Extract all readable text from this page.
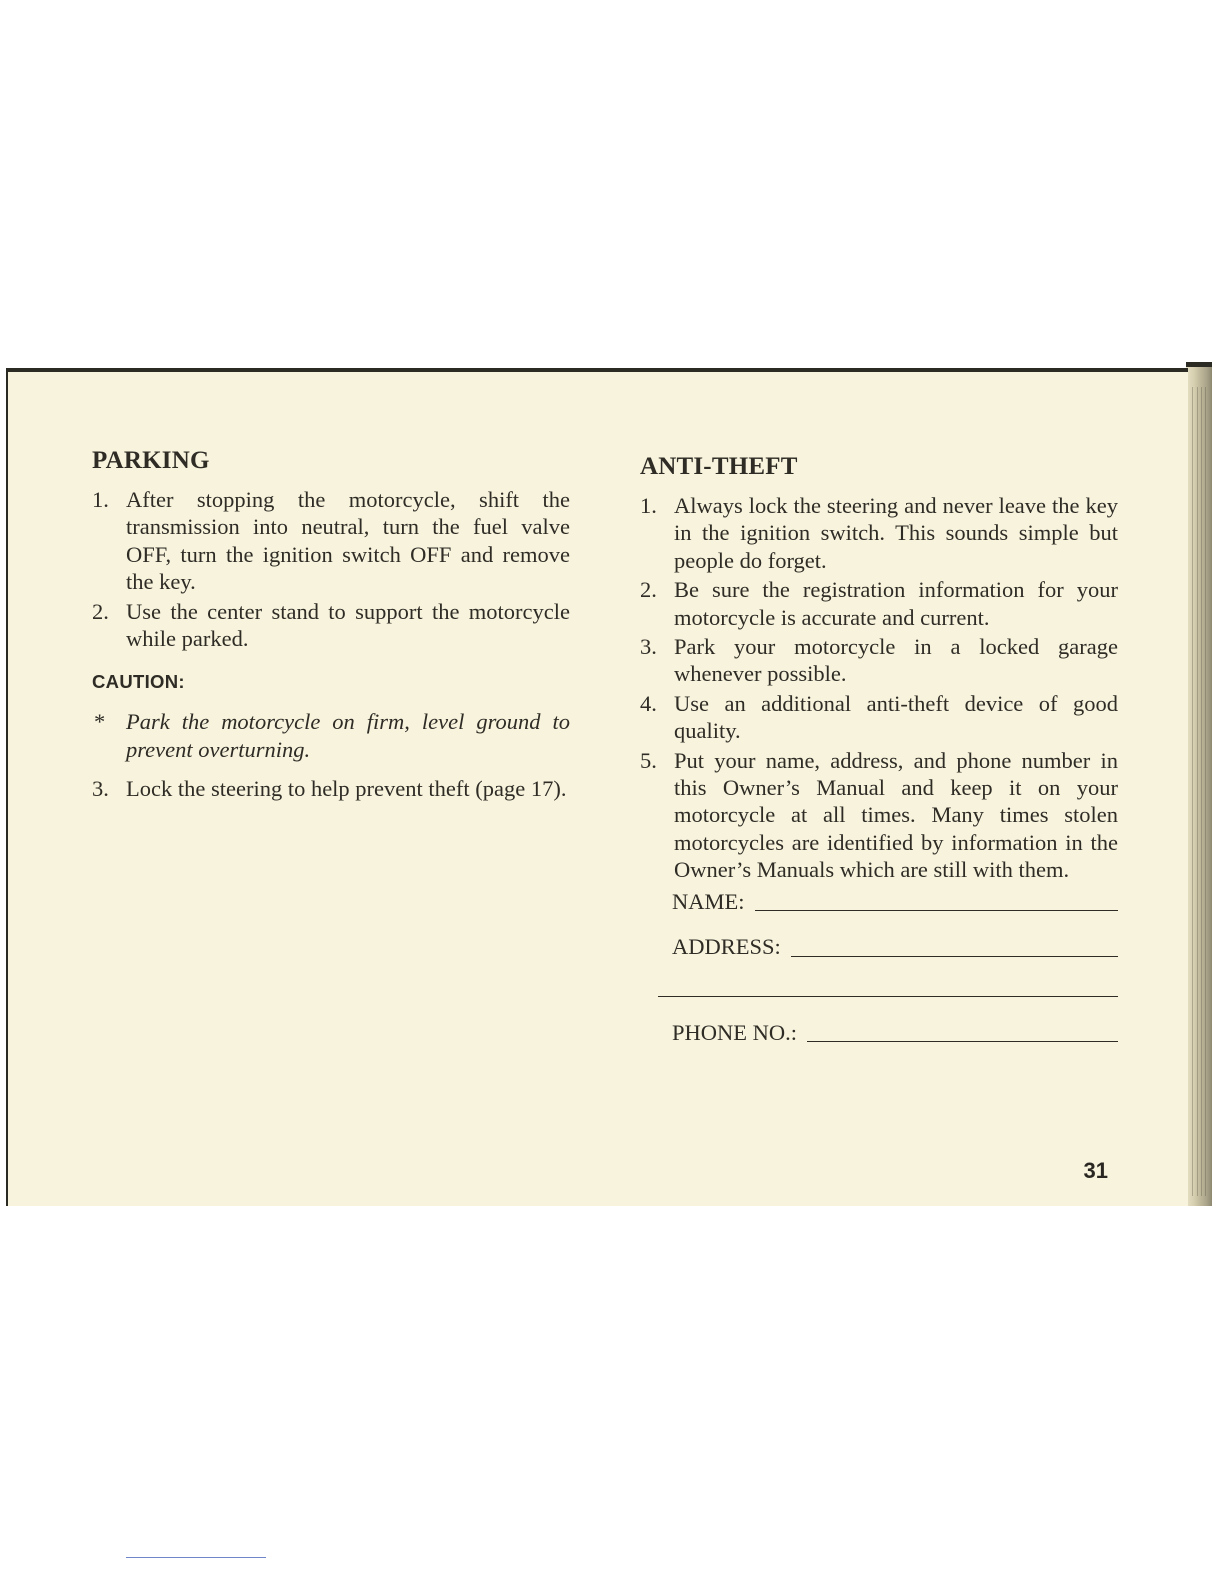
PARKING
1. After stopping the motorcycle, shift the transmission into neutral, turn the fuel valve OFF, turn the ignition switch OFF and remove the key.
2. Use the center stand to support the motorcycle while parked.
CAUTION:
* Park the motorcycle on firm, level ground to prevent overturning.
3. Lock the steering to help prevent theft (page 17).
ANTI-THEFT
1. Always lock the steering and never leave the key in the ignition switch. This sounds simple but people do forget.
2. Be sure the registration information for your motorcycle is accurate and current.
3. Park your motorcycle in a locked garage whenever possible.
4. Use an additional anti-theft device of good quality.
5. Put your name, address, and phone number in this Owner’s Manual and keep it on your motorcycle at all times. Many times stolen motorcycles are identified by information in the Owner’s Manuals which are still with them.
NAME:
ADDRESS:
PHONE NO.:
31
